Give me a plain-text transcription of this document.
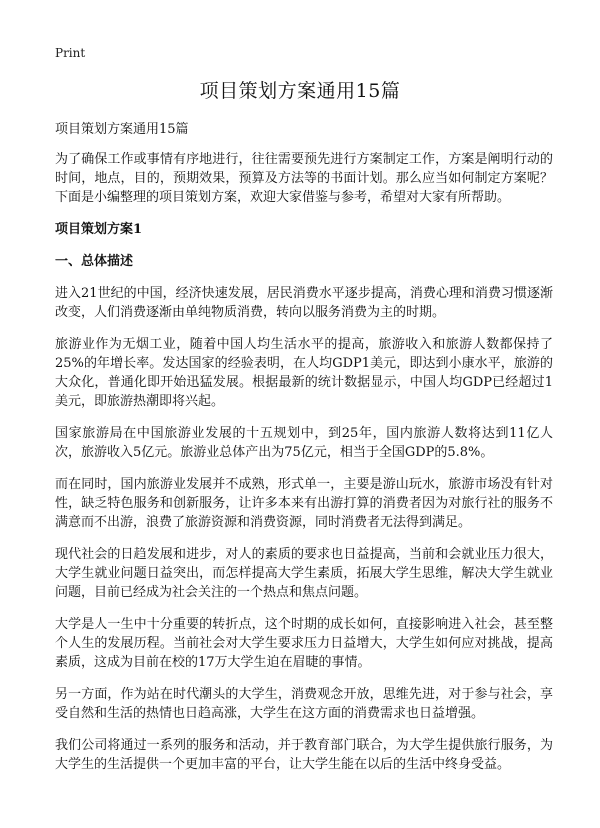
Print
项目策划方案通用15篇

项目策划方案通用15篇

为了确保工作或事情有序地进行，往往需要预先进行方案制定工作，方案是阐明行动的时间，地点，目的，预期效果，预算及方法等的书面计划。那么应当如何制定方案呢？下面是小编整理的项目策划方案，欢迎大家借鉴与参考，希望对大家有所帮助。

项目策划方案1

一、总体描述

进入21世纪的中国，经济快速发展，居民消费水平逐步提高，消费心理和消费习惯逐渐改变，人们消费逐渐由单纯物质消费，转向以服务消费为主的时期。

旅游业作为无烟工业，随着中国人均生活水平的提高，旅游收入和旅游人数都保持了25%的年增长率。发达国家的经验表明，在人均GDP1美元，即达到小康水平，旅游的大众化，普通化即开始迅猛发展。根据最新的统计数据显示，中国人均GDP已经超过1美元，即旅游热潮即将兴起。

国家旅游局在中国旅游业发展的十五规划中，到25年，国内旅游人数将达到11亿人次，旅游收入5亿元。旅游业总体产出为75亿元，相当于全国GDP的5.8%。

而在同时，国内旅游业发展并不成熟，形式单一，主要是游山玩水，旅游市场没有针对性，缺乏特色服务和创新服务，让许多本来有出游打算的消费者因为对旅行社的服务不满意而不出游，浪费了旅游资源和消费资源，同时消费者无法得到满足。

现代社会的日趋发展和进步，对人的素质的要求也日益提高，当前和会就业压力很大，大学生就业问题日益突出，而怎样提高大学生素质，拓展大学生思维，解决大学生就业问题，目前已经成为社会关注的一个热点和焦点问题。

大学是人一生中十分重要的转折点，这个时期的成长如何，直接影响进入社会，甚至整个人生的发展历程。当前社会对大学生要求压力日益增大，大学生如何应对挑战，提高素质，这成为目前在校的17万大学生迫在眉睫的事情。

另一方面，作为站在时代潮头的大学生，消费观念开放，思维先进，对于参与社会，享受自然和生活的热情也日趋高涨，大学生在这方面的消费需求也日益增强。

我们公司将通过一系列的服务和活动，并于教育部门联合，为大学生提供旅行服务，为大学生的生活提供一个更加丰富的平台，让大学生能在以后的生活中终身受益。
